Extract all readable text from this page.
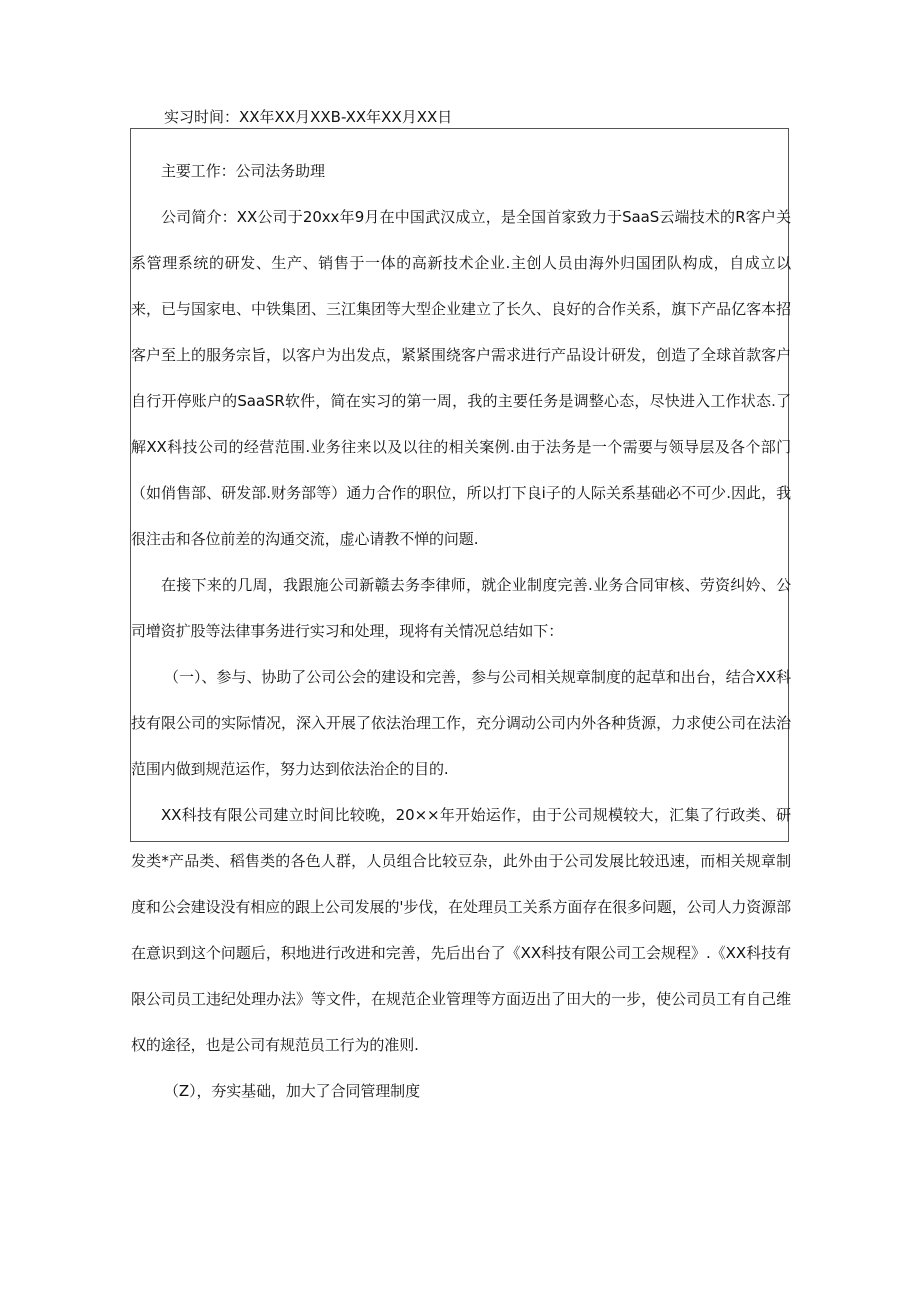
实习时间：XX年XX月XXB-XX年XX月XX日

主要工作：公司法务助理

公司简介：XX公司于20xx年9月在中国武汉成立，是全国首家致力于SaaS云端技术的R客户关系管理系统的研发、生产、销售于一体的高新技术企业.主创人员由海外归国团队构成，自成立以来，已与国家电、中铁集团、三江集团等大型企业建立了长久、良好的合作关系，旗下产品亿客本招客户至上的服务宗旨，以客户为出发点，紧紧围绕客户需求进行产品设计研发，创造了全球首款客户自行开停账户的SaaSR软件，简在实习的第一周，我的主要任务是调整心态，尽快进入工作状态.了解XX科技公司的经营范围.业务往来以及以往的相关案例.由于法务是一个需要与领导层及各个部门（如俏售部、研发部.财务部等）通力合作的职位，所以打下良i子的人际关系基础必不可少.因此，我很注击和各位前差的沟通交流，虚心请教不惮的问题.

在接下来的几周，我跟施公司新赣去务李律师，就企业制度完善.业务合同审核、劳资纠妗、公司增资扩股等法律事务进行实习和处理，现将有关情况总结如下：

（一）、参与、协助了公司公会的建设和完善，参与公司相关规章制度的起草和出台，结合XX科技有限公司的实际情况，深入开展了依法治理工作，充分调动公司内外各种货源，力求使公司在法治范围内做到规范运作，努力达到依法治企的目的.

XX科技有限公司建立时间比较晚，20××年开始运作，由于公司规模较大，汇集了行政类、研发类*产品类、稻售类的各色人群，人员组合比较豆杂，此外由于公司发展比较迅速，而相关规章制度和公会建设没有相应的跟上公司发展的'步伐，在处理员工关系方面存在很多问题，公司人力资源部在意识到这个问题后，积地进行改进和完善，先后出台了《XX科技有限公司工会规程》.《XX科技有限公司员工违纪处理办法》等文件，在规范企业管理等方面迈出了田大的一步，使公司员工有自己维权的途径，也是公司有规范员工行为的准则.

（Z），夯实基础，加大了合同管理制度
